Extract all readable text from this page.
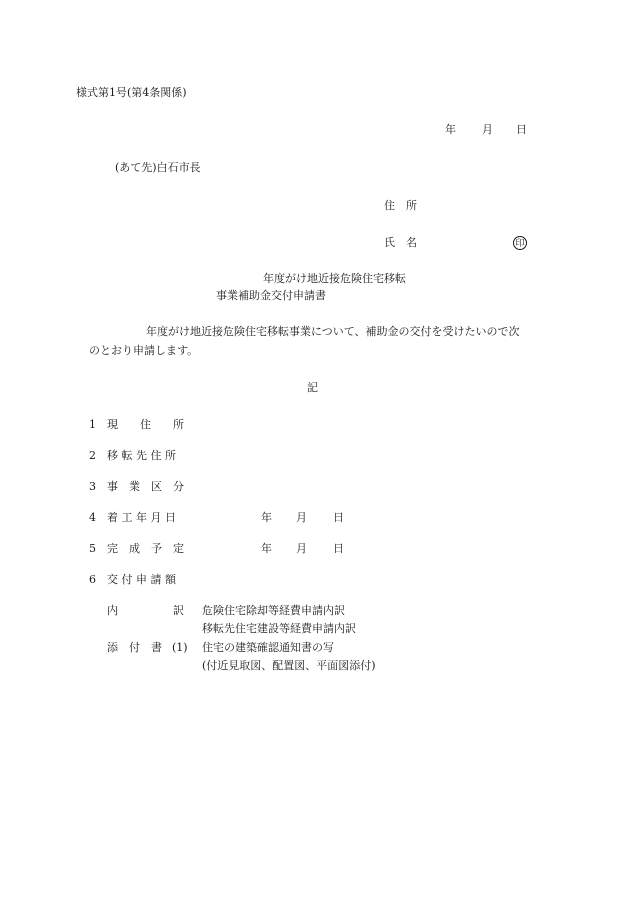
様式第1号(第4条関係)
年 月 日
(あて先)白石市長
住　所
氏　名	印
年度がけ地近接危険住宅移転
事業補助金交付申請書
年度がけ地近接危険住宅移転事業について、補助金の交付を受けたいので次
のとおり申請します。
記
1 現　　住　　所
2 移 転 先 住 所
3 事　業　区　分
4 着 工 年 月 日	年 月 日
5 完　成　予　定	年 月 日
6 交 付 申 請 額
内　　　　　訳 危険住宅除却等経費申請内訳
移転先住宅建設等経費申請内訳
添　付　書 (1) 住宅の建築確認通知書の写
(付近見取図、配置図、平面図添付)
